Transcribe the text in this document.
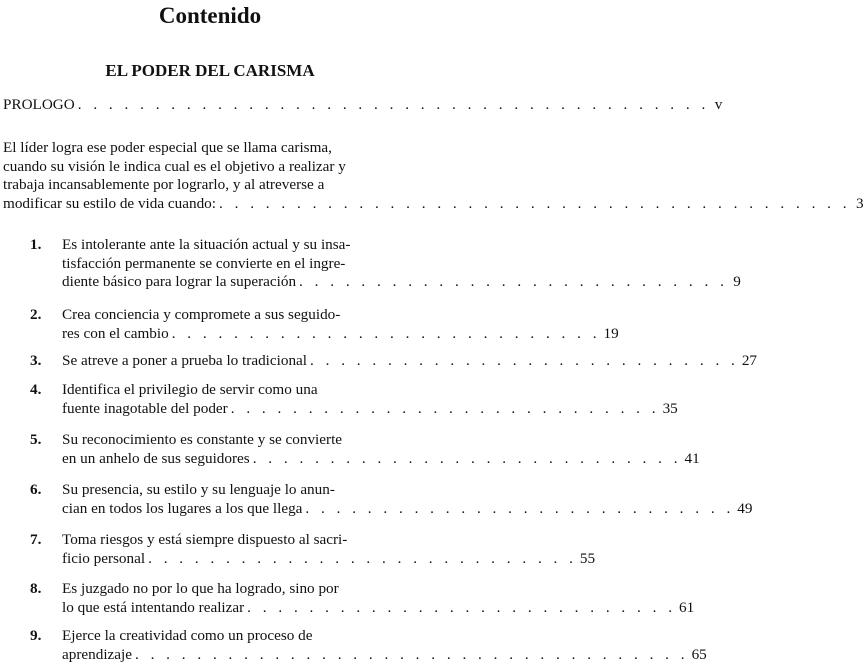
Contenido
EL PODER DEL CARISMA
PROLOGO . . . . . . . . . . . . . . . . . . . . . . . . . . . . . . . . . . . . . . . . . v
El líder logra ese poder especial que se llama carisma,
cuando su visión le indica cual es el objetivo a realizar y
trabaja incansablemente por lograrlo, y al atreverse a
modificar su estilo de vida cuando: . . . . . . . . . . . . . . . . . . . . . . . . . . . . . . . . . . . . . . . . . 3
1. Es intolerante ante la situación actual y su insa-
tisfacción permanente se convierte en el ingre-
diente básico para lograr la superación . . . . . . . . . . . . . . . . . . . . . . . . . . . . 9
2. Crea conciencia y compromete a sus seguido-
res con el cambio . . . . . . . . . . . . . . . . . . . . . . . . . . . . 19
3. Se atreve a poner a prueba lo tradicional . . . . . . . . . . . . . . . . . . . . . . . . . . . . 27
4. Identifica el privilegio de servir como una
fuente inagotable del poder . . . . . . . . . . . . . . . . . . . . . . . . . . . . 35
5. Su reconocimiento es constante y se convierte
en un anhelo de sus seguidores . . . . . . . . . . . . . . . . . . . . . . . . . . . . 41
6. Su presencia, su estilo y su lenguaje lo anun-
cian en todos los lugares a los que llega . . . . . . . . . . . . . . . . . . . . . . . . . . . . 49
7. Toma riesgos y está siempre dispuesto al sacri-
ficio personal . . . . . . . . . . . . . . . . . . . . . . . . . . . . 55
8. Es juzgado no por lo que ha logrado, sino por
lo que está intentando realizar . . . . . . . . . . . . . . . . . . . . . . . . . . . . 61
9. Ejerce la creatividad como un proceso de
aprendizaje . . . . . . . . . . . . . . . . . . . . . . . . . . . . . . . . . . . . 65
